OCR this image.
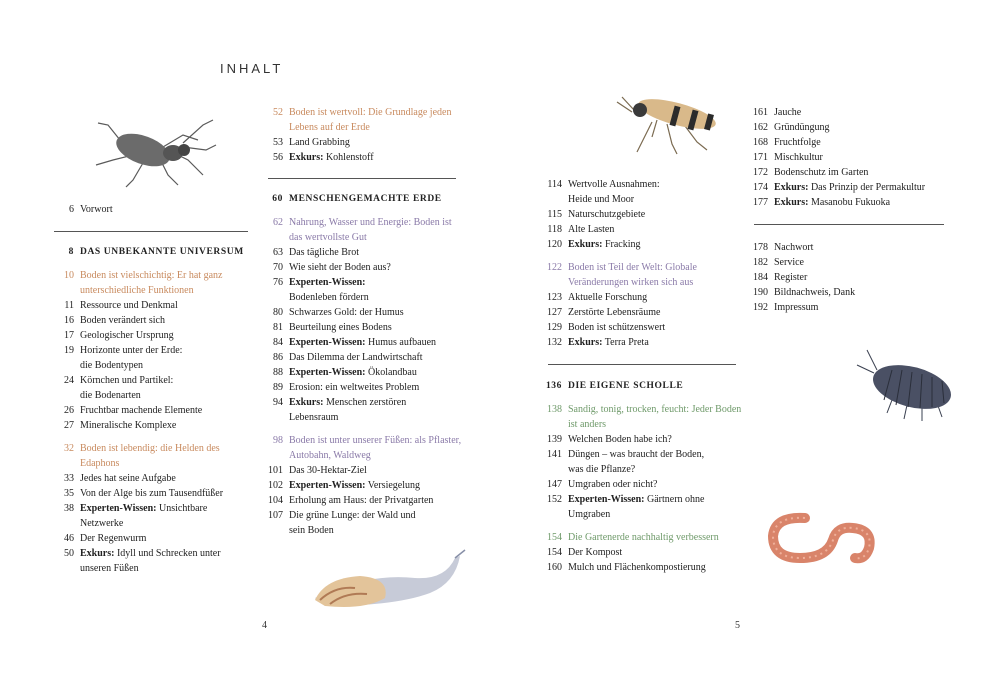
INHALT
6 Vorwort
8 DAS UNBEKANNTE UNIVERSUM
10 Boden ist vielschichtig: Er hat ganz unterschiedliche Funktionen
11 Ressource und Denkmal
16 Boden verändert sich
17 Geologischer Ursprung
19 Horizonte unter der Erde:
die Bodentypen
24 Körnchen und Partikel:
die Bodenarten
26 Fruchtbar machende Elemente
27 Mineralische Komplexe
32 Boden ist lebendig: die Helden des Edaphons
33 Jedes hat seine Aufgabe
35 Von der Alge bis zum Tausendfüßer
38 Experten-Wissen: Unsichtbare
Netzwerke
46 Der Regenwurm
50 Exkurs: Idyll und Schrecken unter
unseren Füßen
52 Boden ist wertvoll: Die Grundlage jeden Lebens auf der Erde
53 Land Grabbing
56 Exkurs: Kohlenstoff
60 MENSCHENGEMACHTE ERDE
62 Nahrung, Wasser und Energie: Boden ist das wertvollste Gut
63 Das tägliche Brot
70 Wie sieht der Boden aus?
76 Experten-Wissen:
Bodenleben fördern
80 Schwarzes Gold: der Humus
81 Beurteilung eines Bodens
84 Experten-Wissen: Humus aufbauen
86 Das Dilemma der Landwirtschaft
88 Experten-Wissen: Ökolandbau
89 Erosion: ein weltweites Problem
94 Exkurs: Menschen zerstören
Lebensraum
98 Boden ist unter unserer Füßen: als Pflaster, Autobahn, Waldweg
101 Das 30-Hektar-Ziel
102 Experten-Wissen: Versiegelung
104 Erholung am Haus: der Privatgarten
107 Die grüne Lunge: der Wald und
sein Boden
114 Wertvolle Ausnahmen:
Heide und Moor
115 Naturschutzgebiete
118 Alte Lasten
120 Exkurs: Fracking
122 Boden ist Teil der Welt: Globale Veränderungen wirken sich aus
123 Aktuelle Forschung
127 Zerstörte Lebensräume
129 Boden ist schützenswert
132 Exkurs: Terra Preta
136 DIE EIGENE SCHOLLE
138 Sandig, tonig, trocken, feucht: Jeder Boden ist anders
139 Welchen Boden habe ich?
141 Düngen – was braucht der Boden,
was die Pflanze?
147 Umgraben oder nicht?
152 Experten-Wissen: Gärtnern ohne
Umgraben
154 Die Gartenerde nachhaltig verbessern
154 Der Kompost
160 Mulch und Flächenkompostierung
161 Jauche
162 Gründüngung
168 Fruchtfolge
171 Mischkultur
172 Bodenschutz im Garten
174 Exkurs: Das Prinzip der Permakultur
177 Exkurs: Masanobu Fukuoka
178 Nachwort
182 Service
184 Register
190 Bildnachweis, Dank
192 Impressum
4	5
